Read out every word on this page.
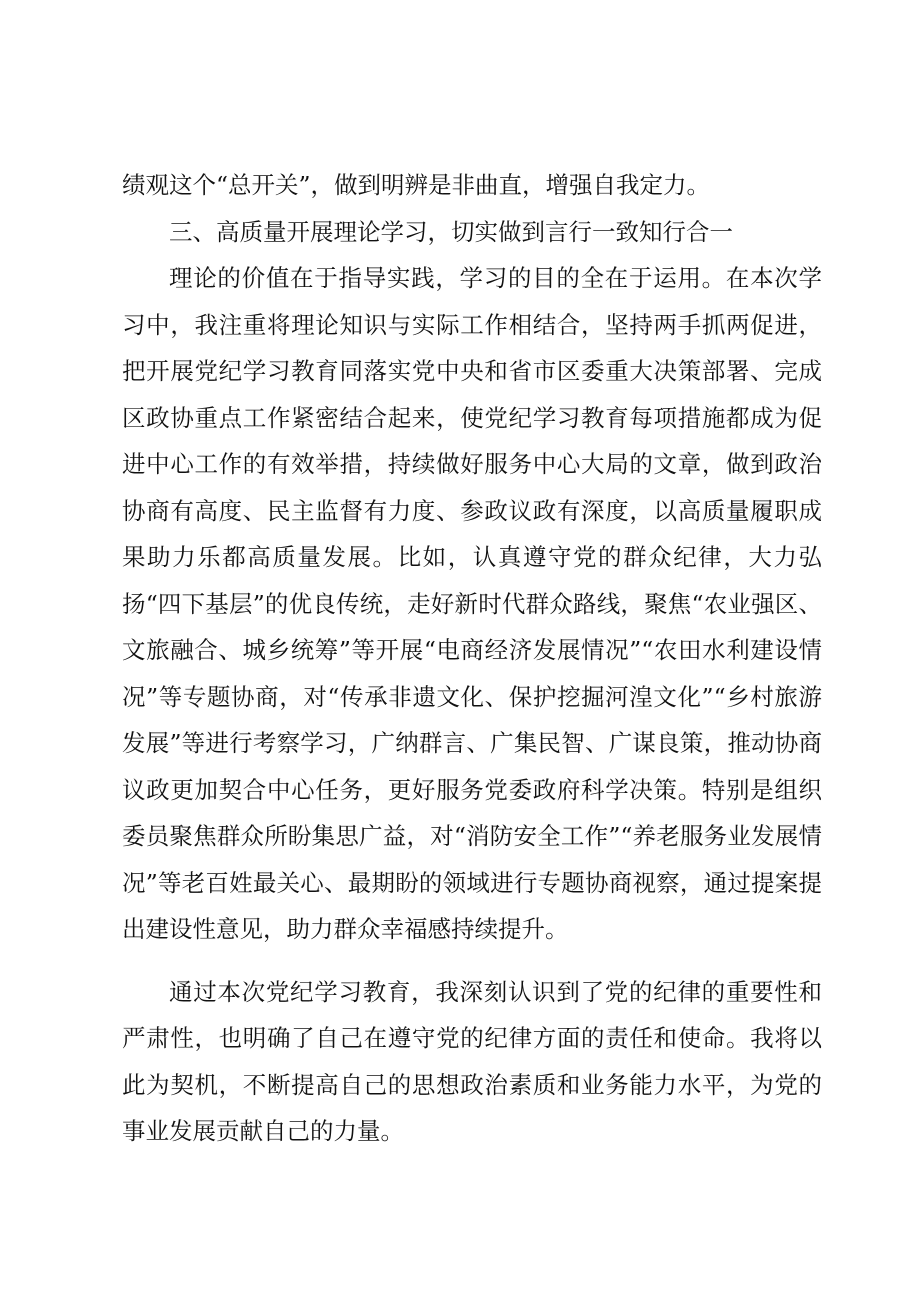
绩观这个“总开关”，做到明辨是非曲直，增强自我定力。

三、高质量开展理论学习，切实做到言行一致知行合一

理论的价值在于指导实践，学习的目的全在于运用。在本次学习中，我注重将理论知识与实际工作相结合，坚持两手抓两促进，把开展党纪学习教育同落实党中央和省市区委重大决策部署、完成区政协重点工作紧密结合起来，使党纪学习教育每项措施都成为促进中心工作的有效举措，持续做好服务中心大局的文章，做到政治协商有高度、民主监督有力度、参政议政有深度，以高质量履职成果助力乐都高质量发展。比如，认真遵守党的群众纪律，大力弘扬“四下基层”的优良传统，走好新时代群众路线，聚焦“农业强区、文旅融合、城乡统筹”等开展“电商经济发展情况”“农田水利建设情况”等专题协商，对“传承非遗文化、保护挖掘河湟文化”“乡村旅游发展”等进行考察学习，广纳群言、广集民智、广谋良策，推动协商议政更加契合中心任务，更好服务党委政府科学决策。特别是组织委员聚焦群众所盼集思广益，对“消防安全工作”“养老服务业发展情况”等老百姓最关心、最期盼的领域进行专题协商视察，通过提案提出建设性意见，助力群众幸福感持续提升。

通过本次党纪学习教育，我深刻认识到了党的纪律的重要性和严肃性，也明确了自己在遵守党的纪律方面的责任和使命。我将以此为契机，不断提高自己的思想政治素质和业务能力水平，为党的事业发展贡献自己的力量。
